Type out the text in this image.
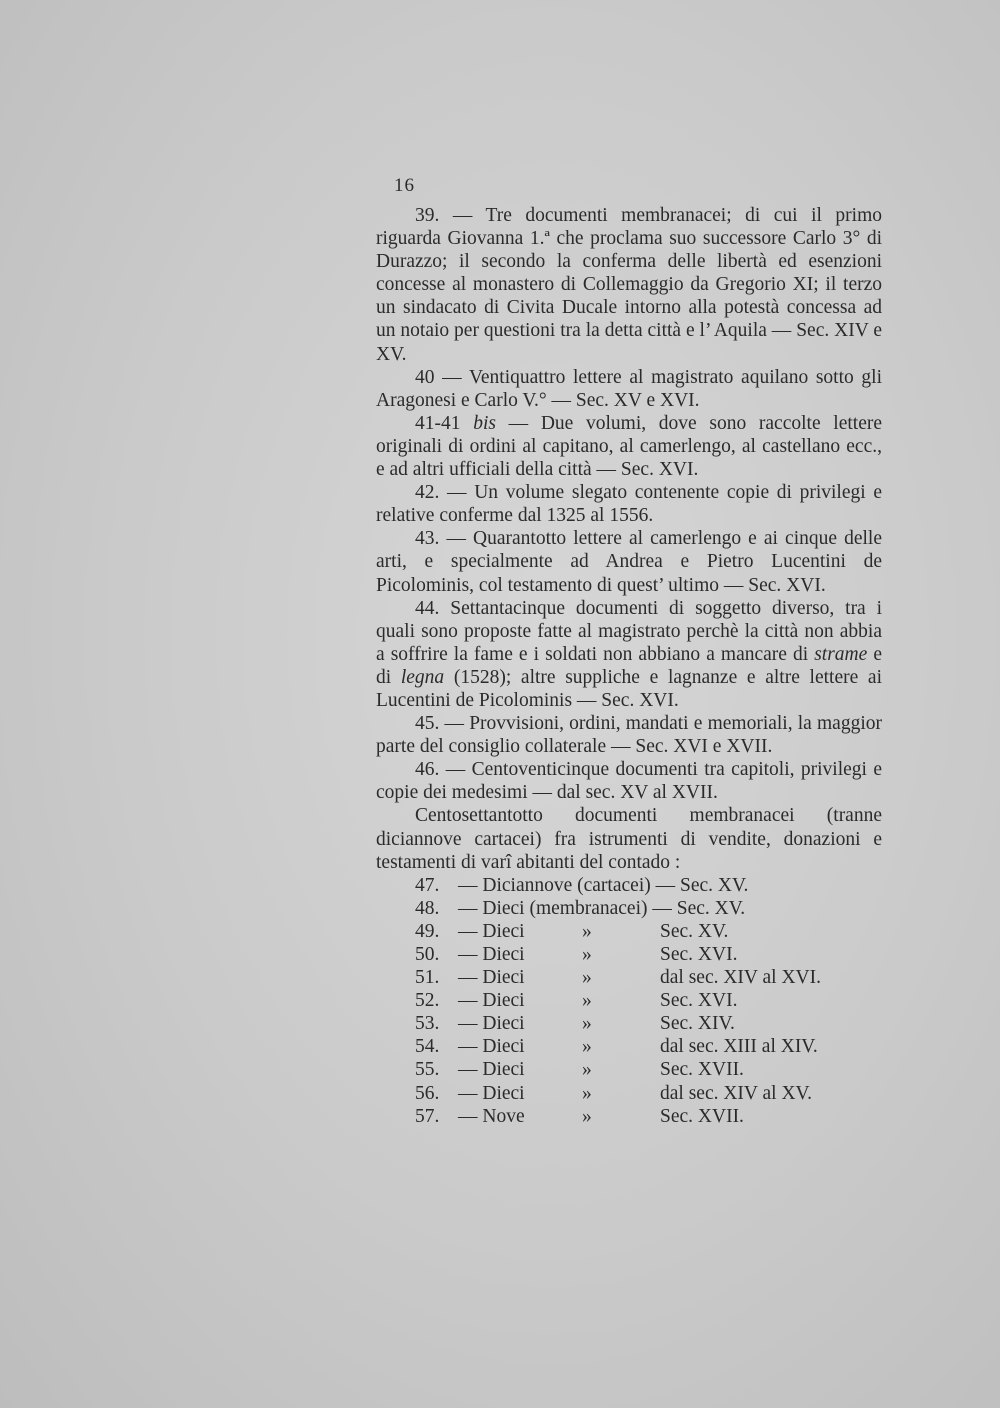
16

39. — Tre documenti membranacei; di cui il primo riguarda Giovanna 1.ª che proclama suo successore Carlo 3° di Durazzo; il secondo la conferma delle libertà ed esenzioni concesse al monastero di Collemaggio da Gregorio XI; il terzo un sindacato di Civita Ducale intorno alla potestà concessa ad un notaio per questioni tra la detta città e l’ Aquila — Sec. XIV e XV.

40 — Ventiquattro lettere al magistrato aquilano sotto gli Aragonesi e Carlo V.° — Sec. XV e XVI.

41-41 bis — Due volumi, dove sono raccolte lettere originali di ordini al capitano, al camerlengo, al castellano ecc., e ad altri ufficiali della città — Sec. XVI.

42. — Un volume slegato contenente copie di privilegi e relative conferme dal 1325 al 1556.

43. — Quarantotto lettere al camerlengo e ai cinque delle arti, e specialmente ad Andrea e Pietro Lucentini de Picolominis, col testamento di quest’ ultimo — Sec. XVI.

44. Settantacinque documenti di soggetto diverso, tra i quali sono proposte fatte al magistrato perchè la città non abbia a soffrire la fame e i soldati non abbiano a mancare di strame e di legna (1528); altre suppliche e lagnanze e altre lettere ai Lucentini de Picolominis — Sec. XVI.

45. — Provvisioni, ordini, mandati e memoriali, la maggior parte del consiglio collaterale — Sec. XVI e XVII.

46. — Centoventicinque documenti tra capitoli, privilegi e copie dei medesimi — dal sec. XV al XVII.

Centosettantotto documenti membranacei (tranne diciannove cartacei) fra istrumenti di vendite, donazioni e testamenti di varî abitanti del contado :

47. — Diciannove (cartacei) — Sec. XV.
48. — Dieci (membranacei) — Sec. XV.
49. — Dieci	»	Sec. XV.
50. — Dieci	»	Sec. XVI.
51. — Dieci	»	dal sec. XIV al XVI.
52. — Dieci	»	Sec. XVI.
53. — Dieci	»	Sec. XIV.
54. — Dieci	»	dal sec. XIII al XIV.
55. — Dieci	»	Sec. XVII.
56. — Dieci	»	dal sec. XIV al XV.
57. — Nove	»	Sec. XVII.
